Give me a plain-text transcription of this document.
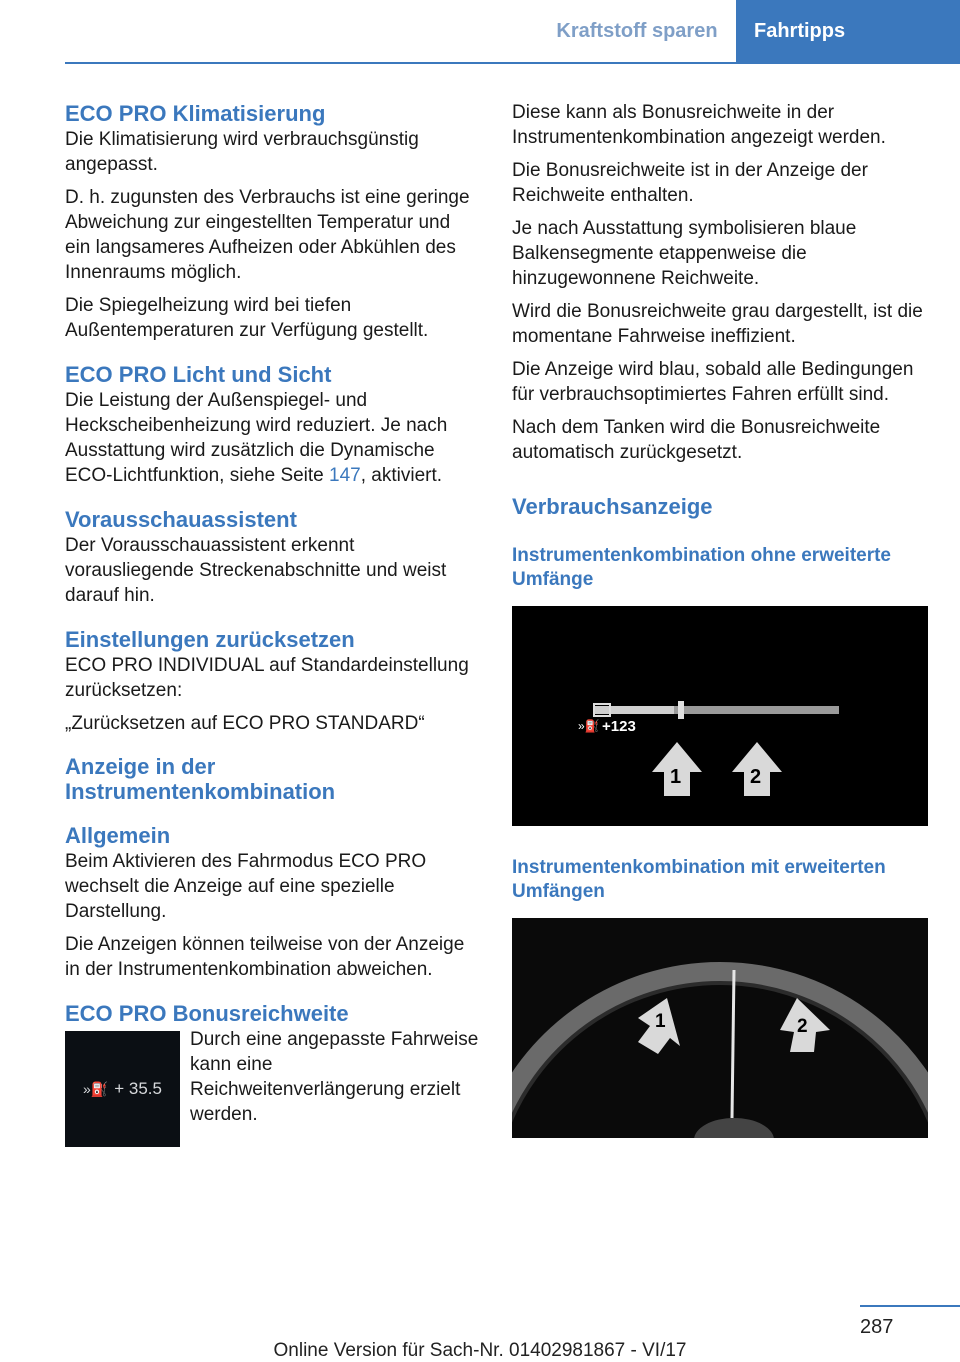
Kraftstoff sparen	Fahrtipps
ECO PRO Klimatisierung

Die Klimatisierung wird verbrauchsgünstig angepasst.

D. h. zugunsten des Verbrauchs ist eine geringe Abweichung zur eingestellten Temperatur und ein langsameres Aufheizen oder Abkühlen des Innenraums möglich.

Die Spiegelheizung wird bei tiefen Außentemperaturen zur Verfügung gestellt.

ECO PRO Licht und Sicht

Die Leistung der Außenspiegel- und Heckscheibenheizung wird reduziert. Je nach Ausstattung wird zusätzlich die Dynamische ECO-Lichtfunktion, siehe Seite 147, aktiviert.

Vorausschauassistent

Der Vorausschauassistent erkennt vorausliegende Streckenabschnitte und weist darauf hin.

Einstellungen zurücksetzen

ECO PRO INDIVIDUAL auf Standardeinstellung zurücksetzen:

„Zurücksetzen auf ECO PRO STANDARD“

Anzeige in der
Instrumentenkombination
Allgemein

Beim Aktivieren des Fahrmodus ECO PRO wechselt die Anzeige auf eine spezielle Darstellung.

Die Anzeigen können teilweise von der Anzeige in der Instrumentenkombination abweichen.

ECO PRO Bonusreichweite
»⛽ + 35.5

Durch eine angepasste Fahrweise kann eine Reichweitenverlängerung erzielt werden.

Diese kann als Bonusreichweite in der Instrumentenkombination angezeigt werden.

Die Bonusreichweite ist in der Anzeige der Reichweite enthalten.

Je nach Ausstattung symbolisieren blaue Balkensegmente etappenweise die hinzugewonnene Reichweite.

Wird die Bonusreichweite grau dargestellt, ist die momentane Fahrweise ineffizient.

Die Anzeige wird blau, sobald alle Bedingungen für verbrauchsoptimiertes Fahren erfüllt sind.

Nach dem Tanken wird die Bonusreichweite automatisch zurückgesetzt.

Verbrauchsanzeige
Instrumentenkombination ohne erweiterte Umfänge
»⛽ +123
1	2
Instrumentenkombination mit erweiterten Umfängen
1	2
287
Online Version für Sach-Nr. 01402981867 - VI/17
